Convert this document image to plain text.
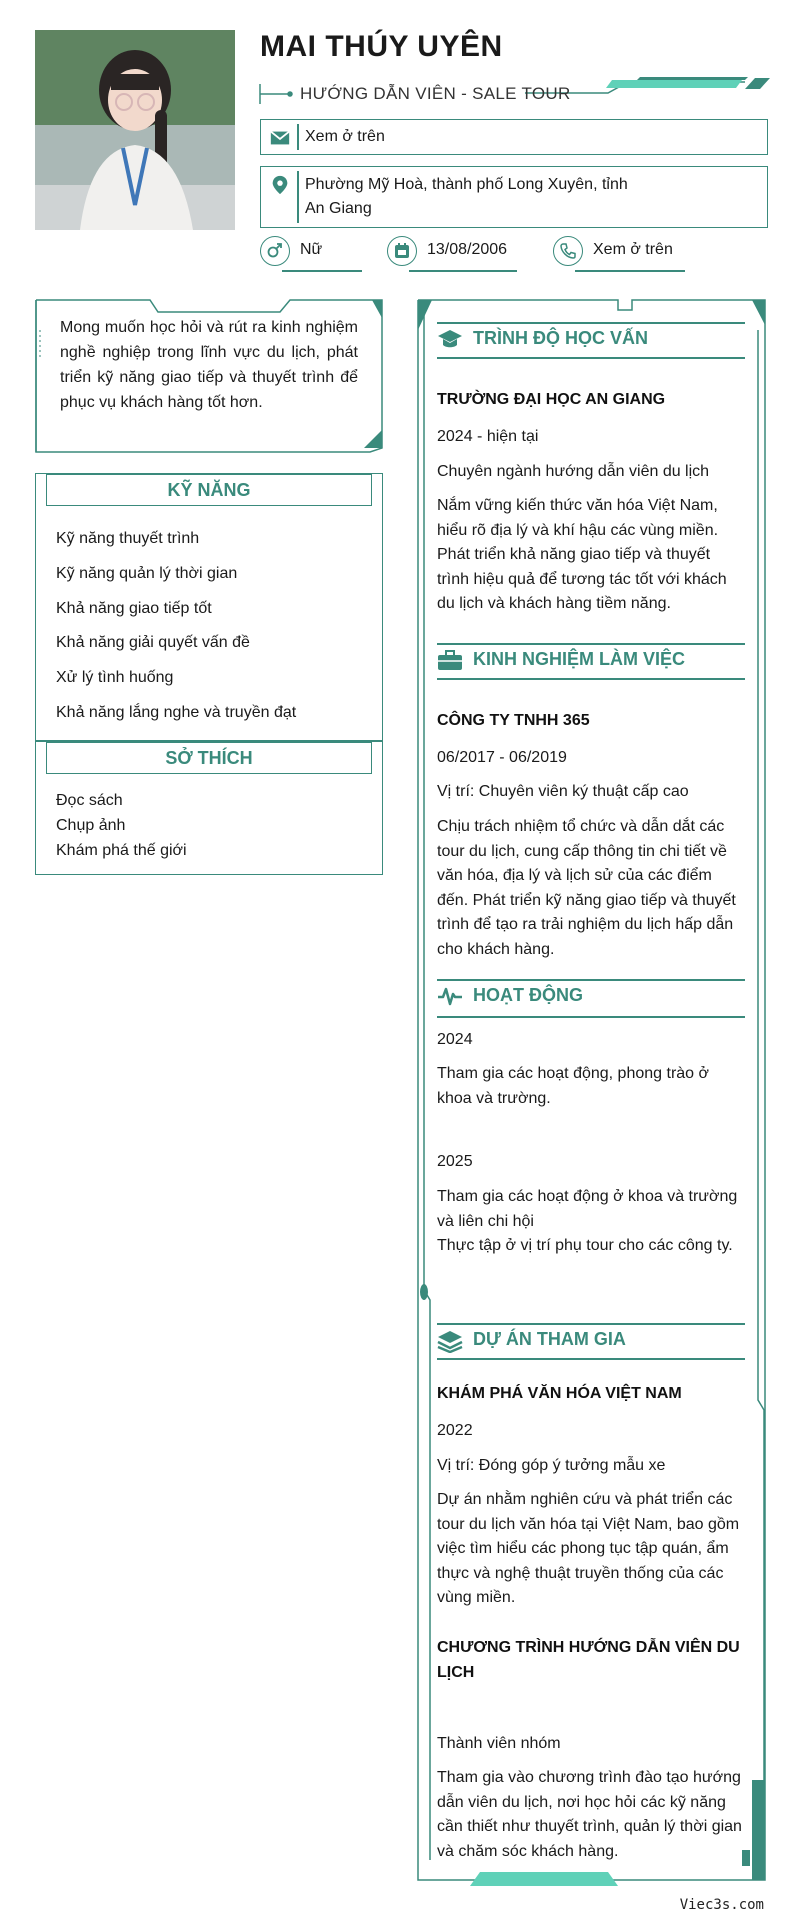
MAI THÚY UYÊN
HƯỚNG DẪN VIÊN - SALE TOUR
Xem ở trên
Phường Mỹ Hoà, thành phố Long Xuyên, tỉnh An Giang
Nữ	13/08/2006	Xem ở trên
Mong muốn học hỏi và rút ra kinh nghiệm nghề nghiệp trong lĩnh vực du lịch, phát triển kỹ năng giao tiếp và thuyết trình để phục vụ khách hàng tốt hơn.
KỸ NĂNG
Kỹ năng thuyết trình
Kỹ năng quản lý thời gian
Khả năng giao tiếp tốt
Khả năng giải quyết vấn đề
Xử lý tình huống
Khả năng lắng nghe và truyền đạt
SỞ THÍCH
Đọc sách
Chụp ảnh
Khám phá thế giới
TRÌNH ĐỘ HỌC VẤN
TRƯỜNG ĐẠI HỌC AN GIANG
2024 - hiện tại
Chuyên ngành hướng dẫn viên du lịch
Nắm vững kiến thức văn hóa Việt Nam, hiểu rõ địa lý và khí hậu các vùng miền. Phát triển khả năng giao tiếp và thuyết trình hiệu quả để tương tác tốt với khách du lịch và khách hàng tiềm năng.
KINH NGHIỆM LÀM VIỆC
CÔNG TY TNHH 365
06/2017 - 06/2019
Vị trí: Chuyên viên ký thuật cấp cao
Chịu trách nhiệm tổ chức và dẫn dắt các tour du lịch, cung cấp thông tin chi tiết về văn hóa, địa lý và lịch sử của các điểm đến. Phát triển kỹ năng giao tiếp và thuyết trình để tạo ra trải nghiệm du lịch hấp dẫn cho khách hàng.
HOẠT ĐỘNG
2024
Tham gia các hoạt động, phong trào ở khoa và trường.
2025
Tham gia các hoạt động ở khoa và trường và liên chi hội
Thực tập ở vị trí phụ tour cho các công ty.
DỰ ÁN THAM GIA
KHÁM PHÁ VĂN HÓA VIỆT NAM
2022
Vị trí: Đóng góp ý tưởng mẫu xe
Dự án nhằm nghiên cứu và phát triển các tour du lịch văn hóa tại Việt Nam, bao gồm việc tìm hiểu các phong tục tập quán, ẩm thực và nghệ thuật truyền thống của các vùng miền.
CHƯƠNG TRÌNH HƯỚNG DẪN VIÊN DU LỊCH
Thành viên nhóm
Tham gia vào chương trình đào tạo hướng dẫn viên du lịch, nơi học hỏi các kỹ năng cần thiết như thuyết trình, quản lý thời gian và chăm sóc khách hàng.
Viec3s.com
